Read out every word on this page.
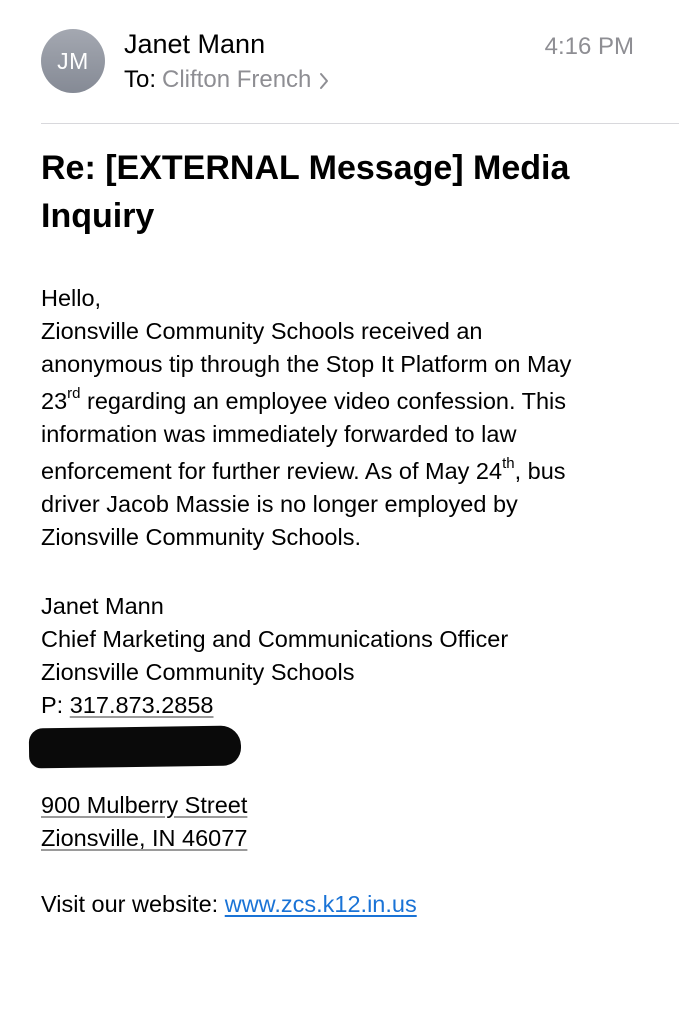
JM
Janet Mann
To: Clifton French
4:16 PM
Re: [EXTERNAL Message] Media Inquiry
Hello,
Zionsville Community Schools received an
anonymous tip through the Stop It Platform on May
23rd regarding an employee video confession. This
information was immediately forwarded to law
enforcement for further review. As of May 24th, bus
driver Jacob Massie is no longer employed by
Zionsville Community Schools.
Janet Mann
Chief Marketing and Communications Officer
Zionsville Community Schools
P: 317.873.2858
900 Mulberry Street
Zionsville, IN 46077
Visit our website: www.zcs.k12.in.us
